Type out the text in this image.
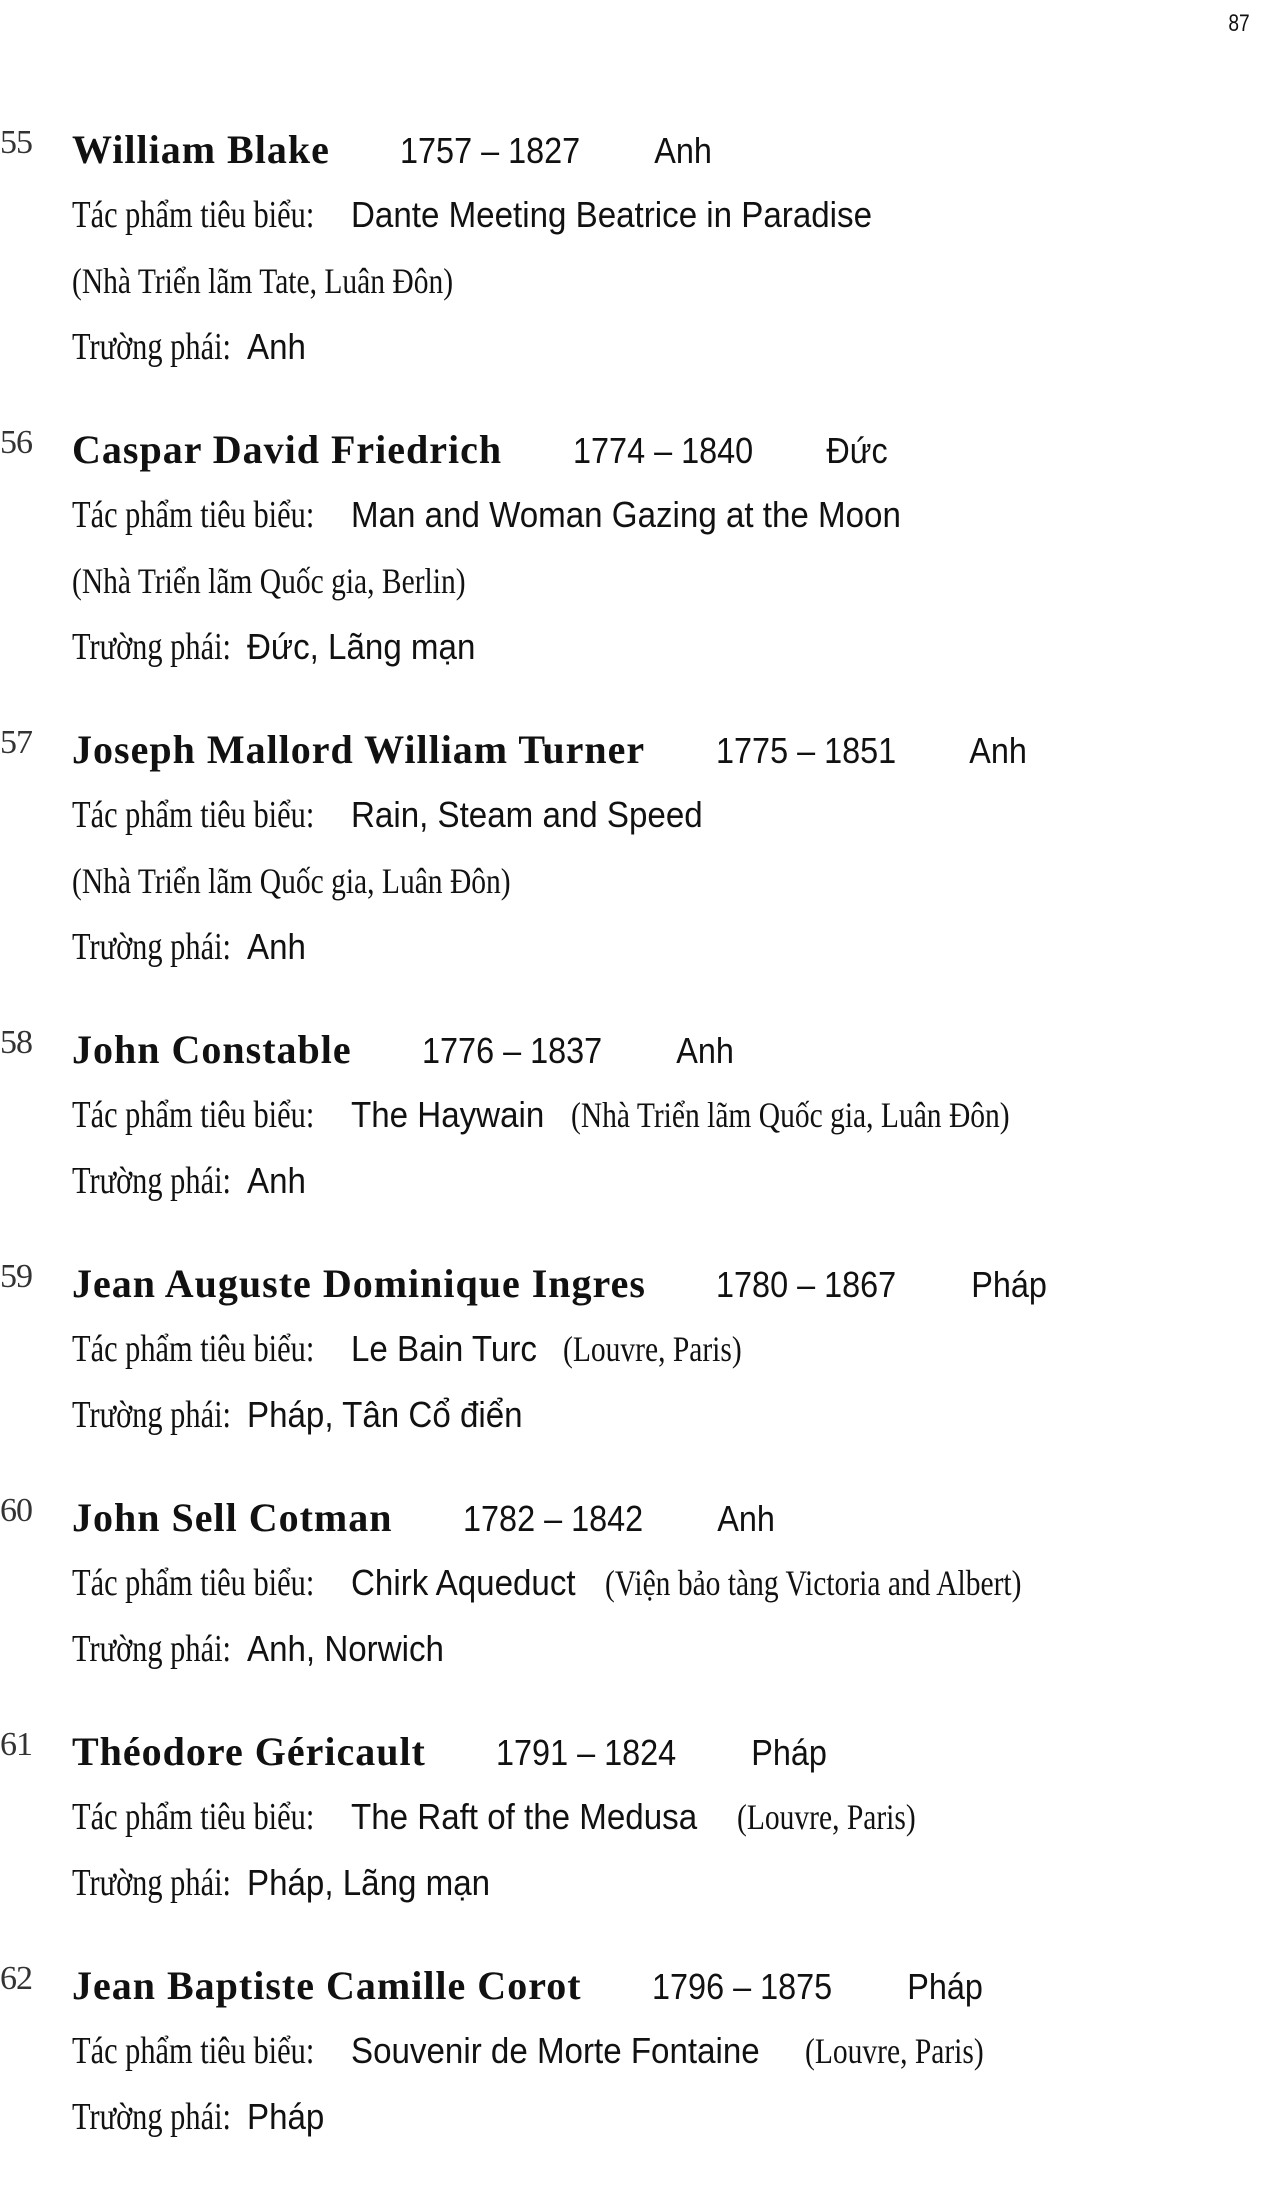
87
55 William Blake 1757 – 1827 Anh
Tác phẩm tiêu biểu: Dante Meeting Beatrice in Paradise (Nhà Triển lãm Tate, Luân Đôn)
Trường phái: Anh
56 Caspar David Friedrich 1774 – 1840 Đức
Tác phẩm tiêu biểu: Man and Woman Gazing at the Moon (Nhà Triển lãm Quốc gia, Berlin)
Trường phái: Đức, Lãng mạn
57 Joseph Mallord William Turner 1775 – 1851 Anh
Tác phẩm tiêu biểu: Rain, Steam and Speed (Nhà Triển lãm Quốc gia, Luân Đôn)
Trường phái: Anh
58 John Constable 1776 – 1837 Anh
Tác phẩm tiêu biểu: The Haywain (Nhà Triển lãm Quốc gia, Luân Đôn)
Trường phái: Anh
59 Jean Auguste Dominique Ingres 1780 – 1867 Pháp
Tác phẩm tiêu biểu: Le Bain Turc (Louvre, Paris)
Trường phái: Pháp, Tân Cổ điển
60 John Sell Cotman 1782 – 1842 Anh
Tác phẩm tiêu biểu: Chirk Aqueduct (Viện bảo tàng Victoria and Albert)
Trường phái: Anh, Norwich
61 Théodore Géricault 1791 – 1824 Pháp
Tác phẩm tiêu biểu: The Raft of the Medusa (Louvre, Paris)
Trường phái: Pháp, Lãng mạn
62 Jean Baptiste Camille Corot 1796 – 1875 Pháp
Tác phẩm tiêu biểu: Souvenir de Morte Fontaine (Louvre, Paris)
Trường phái: Pháp
